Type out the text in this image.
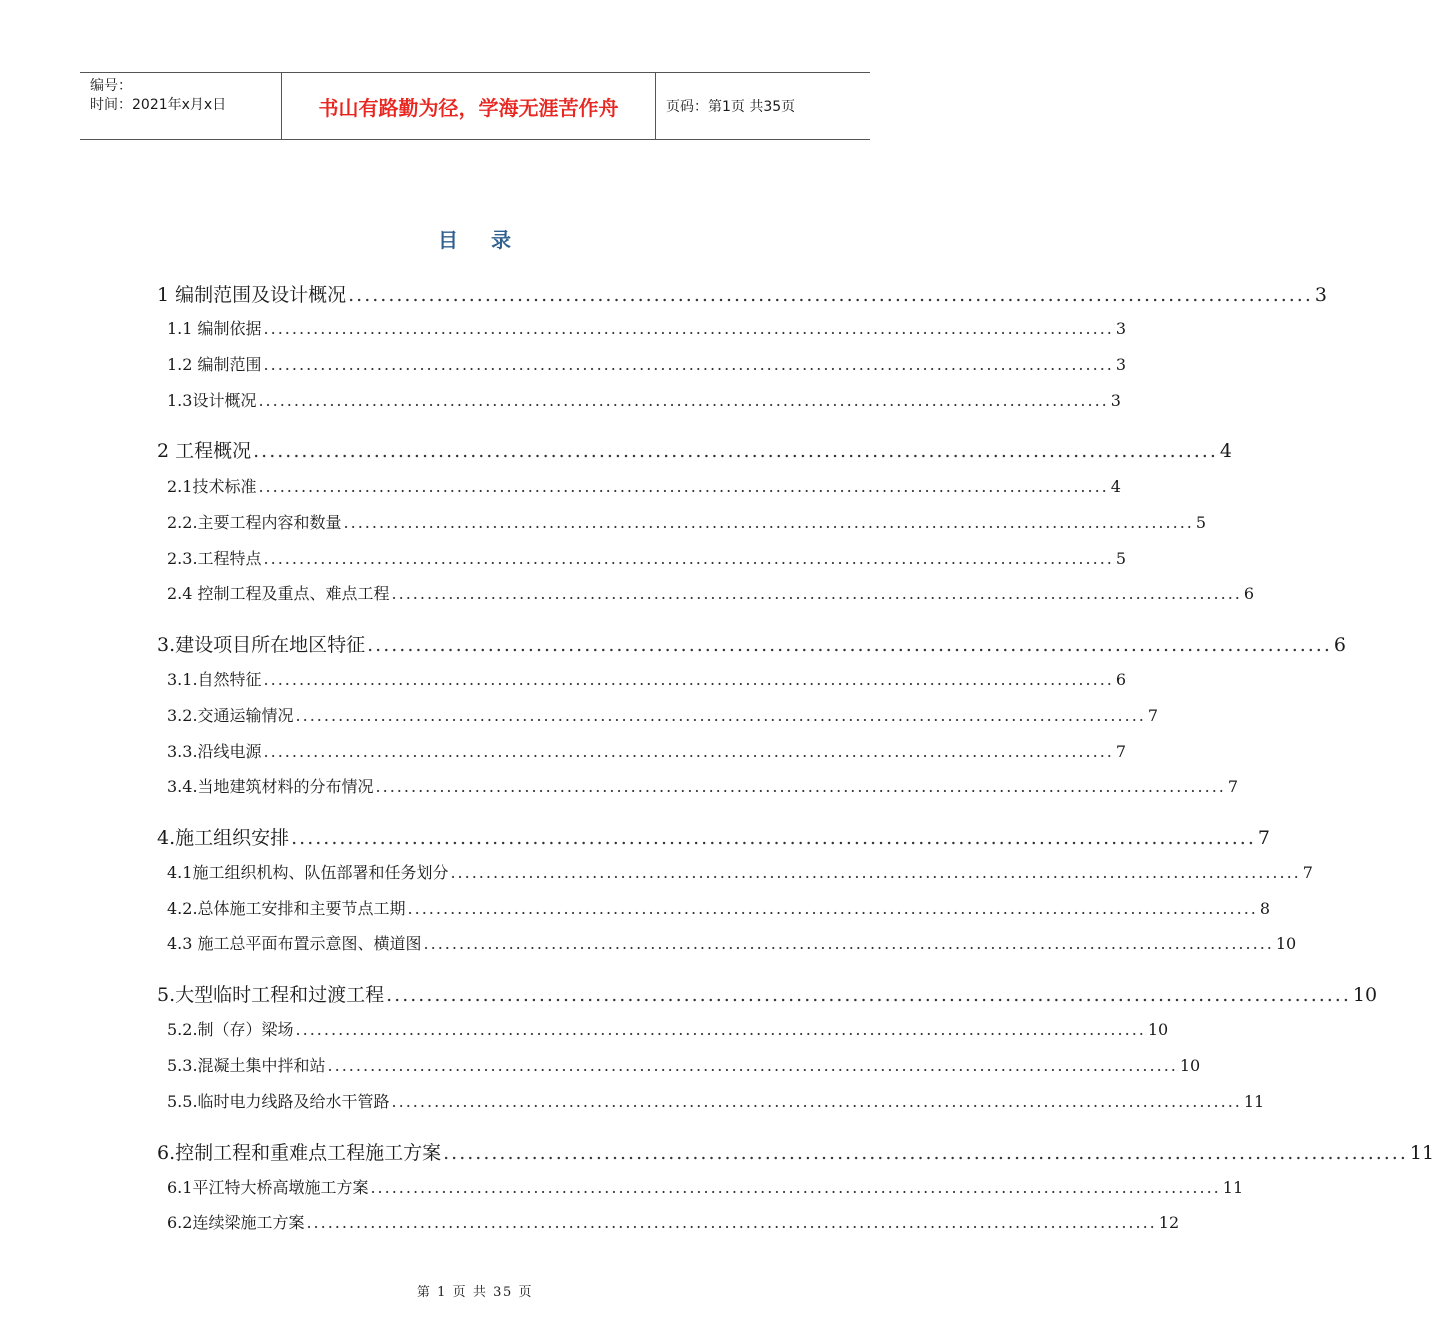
编号：
时间：2021年x月x日	书山有路勤为径，学海无涯苦作舟	页码：第1页 共35页
目 录
1 编制范围及设计概况 ........................................................................................................................ 3
1.1 编制依据 ........................................................................................................................ 3
1.2 编制范围 ........................................................................................................................ 3
1.3设计概况 ........................................................................................................................ 3
2 工程概况 ........................................................................................................................ 4
2.1技术标准 ........................................................................................................................ 4
2.2.主要工程内容和数量 ........................................................................................................................ 5
2.3.工程特点 ........................................................................................................................ 5
2.4 控制工程及重点、难点工程 ........................................................................................................................ 6
3.建设项目所在地区特征 ........................................................................................................................ 6
3.1.自然特征 ........................................................................................................................ 6
3.2.交通运输情况 ........................................................................................................................ 7
3.3.沿线电源 ........................................................................................................................ 7
3.4.当地建筑材料的分布情况 ........................................................................................................................ 7
4.施工组织安排 ........................................................................................................................ 7
4.1施工组织机构、队伍部署和任务划分 ........................................................................................................................ 7
4.2.总体施工安排和主要节点工期 ........................................................................................................................ 8
4.3 施工总平面布置示意图、横道图 ........................................................................................................................ 10
5.大型临时工程和过渡工程 ........................................................................................................................ 10
5.2.制（存）梁场 ........................................................................................................................ 10
5.3.混凝土集中拌和站 ........................................................................................................................ 10
5.5.临时电力线路及给水干管路 ........................................................................................................................ 11
6.控制工程和重难点工程施工方案 ........................................................................................................................ 11
6.1平江特大桥高墩施工方案 ........................................................................................................................ 11
6.2连续梁施工方案 ........................................................................................................................ 12
第 1 页 共 35 页
